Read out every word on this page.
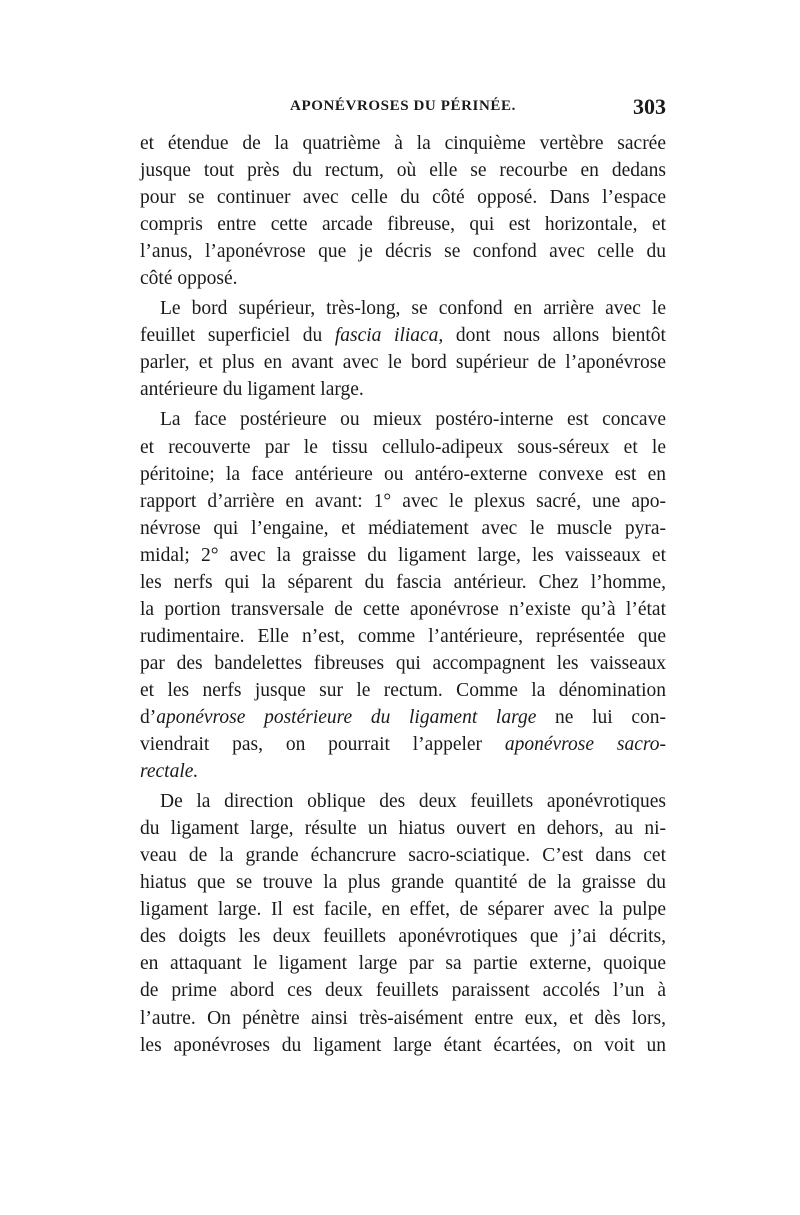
APONÉVROSES DU PÉRINÉE.	303
et étendue de la quatrième à la cinquième vertèbre sacrée
jusque tout près du rectum, où elle se recourbe en dedans
pour se continuer avec celle du côté opposé. Dans l’espace
compris entre cette arcade fibreuse, qui est horizontale, et
l’anus, l’aponévrose que je décris se confond avec celle du
côté opposé.
Le bord supérieur, très-long, se confond en arrière avec le
feuillet superficiel du fascia iliaca, dont nous allons bientôt
parler, et plus en avant avec le bord supérieur de l’aponévrose
antérieure du ligament large.
La face postérieure ou mieux postéro-interne est concave
et recouverte par le tissu cellulo-adipeux sous-séreux et le
péritoine; la face antérieure ou antéro-externe convexe est en
rapport d’arrière en avant: 1° avec le plexus sacré, une apo-
névrose qui l’engaine, et médiatement avec le muscle pyra-
midal; 2° avec la graisse du ligament large, les vaisseaux et
les nerfs qui la séparent du fascia antérieur. Chez l’homme,
la portion transversale de cette aponévrose n’existe qu’à l’état
rudimentaire. Elle n’est, comme l’antérieure, représentée que
par des bandelettes fibreuses qui accompagnent les vaisseaux
et les nerfs jusque sur le rectum. Comme la dénomination
d’aponévrose postérieure du ligament large ne lui con-
viendrait pas, on pourrait l’appeler aponévrose sacro-
rectale.
De la direction oblique des deux feuillets aponévrotiques
du ligament large, résulte un hiatus ouvert en dehors, au ni-
veau de la grande échancrure sacro-sciatique. C’est dans cet
hiatus que se trouve la plus grande quantité de la graisse du
ligament large. Il est facile, en effet, de séparer avec la pulpe
des doigts les deux feuillets aponévrotiques que j’ai décrits,
en attaquant le ligament large par sa partie externe, quoique
de prime abord ces deux feuillets paraissent accolés l’un à
l’autre. On pénètre ainsi très-aisément entre eux, et dès lors,
les aponévroses du ligament large étant écartées, on voit un
